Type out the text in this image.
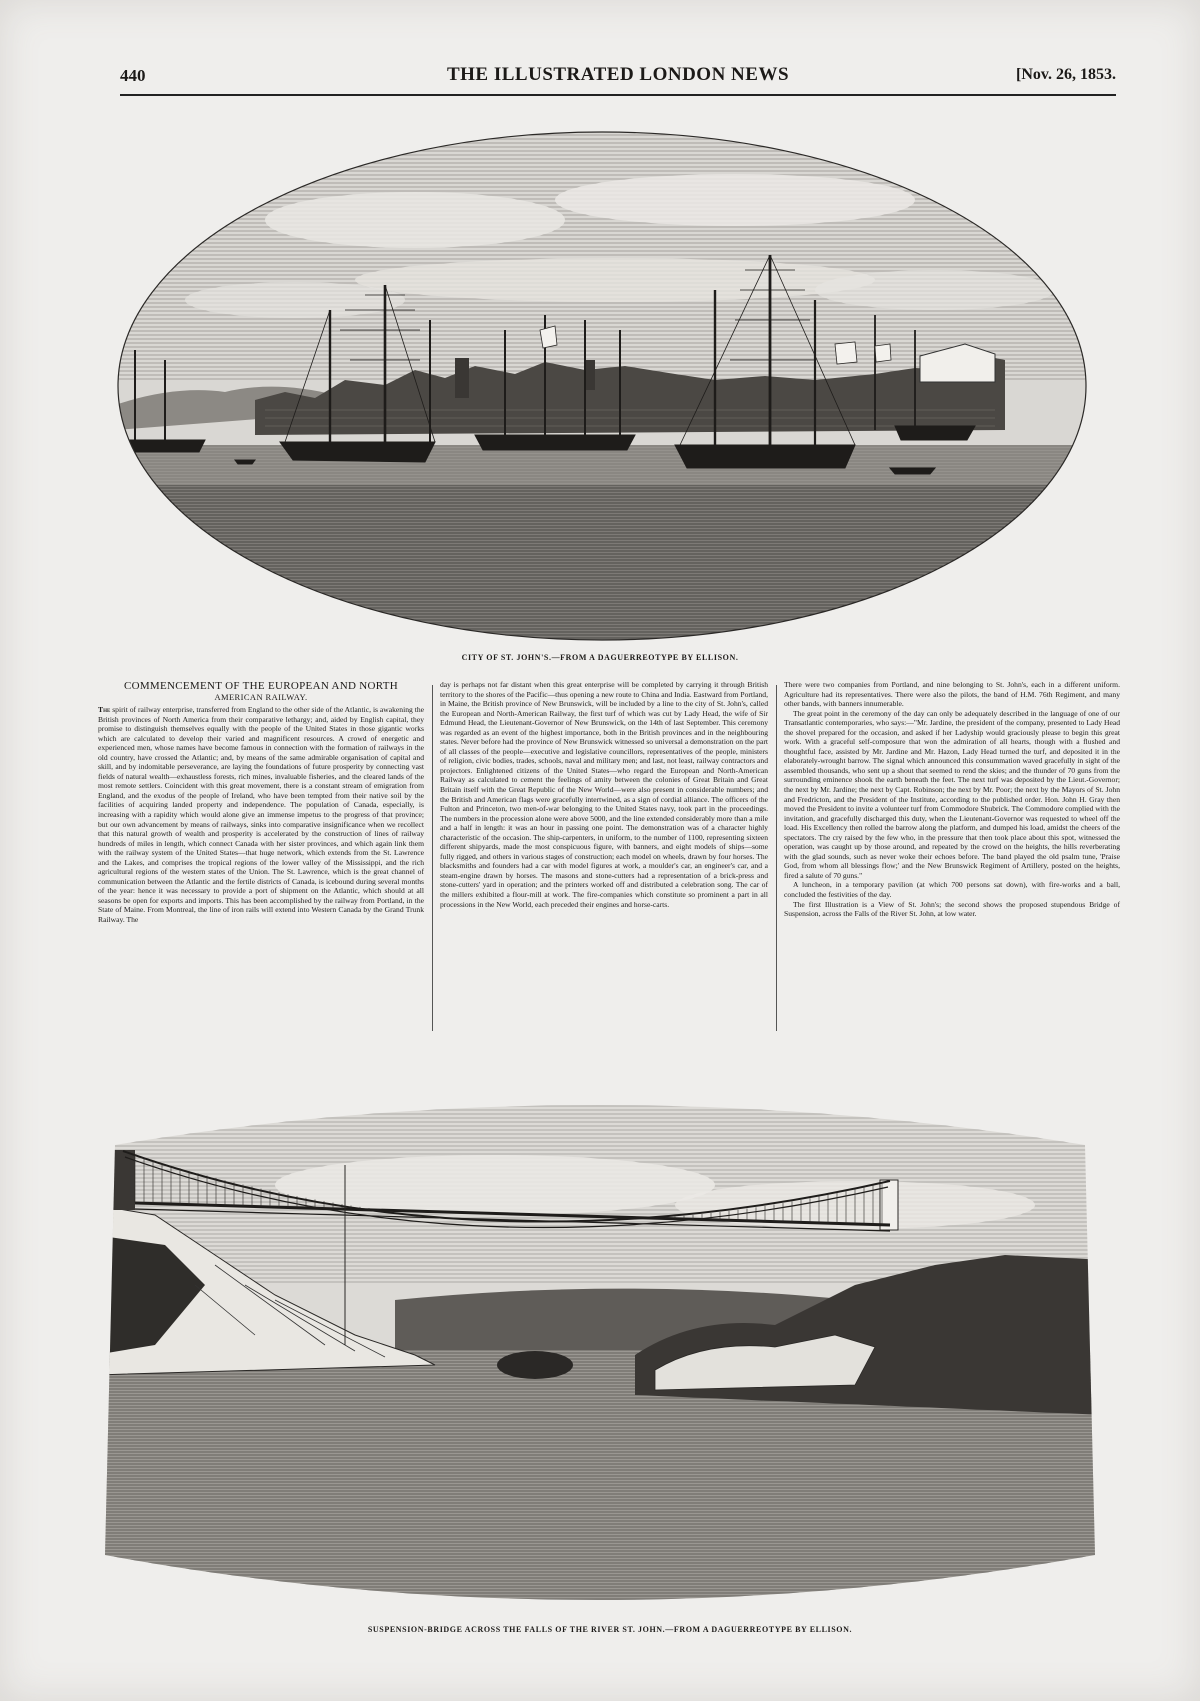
440	THE ILLUSTRATED LONDON NEWS	[Nov. 26, 1853.
CITY OF ST. JOHN'S.—FROM A DAGUERREOTYPE BY ELLISON.
COMMENCEMENT OF THE EUROPEAN AND NORTH
AMERICAN RAILWAY.

The spirit of railway enterprise, transferred from England to the other side of the Atlantic, is awakening the British provinces of North America from their comparative lethargy; and, aided by English capital, they promise to distinguish themselves equally with the people of the United States in those gigantic works which are calculated to develop their varied and magnificent resources. A crowd of energetic and experienced men, whose names have become famous in connection with the formation of railways in the old country, have crossed the Atlantic; and, by means of the same admirable organisation of capital and skill, and by indomitable perseverance, are laying the foundations of future prosperity by connecting vast fields of natural wealth—exhaustless forests, rich mines, invaluable fisheries, and the cleared lands of the most remote settlers. Coincident with this great movement, there is a constant stream of emigration from England, and the exodus of the people of Ireland, who have been tempted from their native soil by the facilities of acquiring landed property and independence. The population of Canada, especially, is increasing with a rapidity which would alone give an immense impetus to the progress of that province; but our own advancement by means of railways, sinks into comparative insignificance when we recollect that this natural growth of wealth and prosperity is accelerated by the construction of lines of railway hundreds of miles in length, which connect Canada with her sister provinces, and which again link them with the railway system of the United States—that huge network, which extends from the St. Lawrence and the Lakes, and comprises the tropical regions of the lower valley of the Mississippi, and the rich agricultural regions of the western states of the Union. The St. Lawrence, which is the great channel of communication between the Atlantic and the fertile districts of Canada, is icebound during several months of the year: hence it was necessary to provide a port of shipment on the Atlantic, which should at all seasons be open for exports and imports. This has been accomplished by the railway from Portland, in the State of Maine. From Montreal, the line of iron rails will extend into Western Canada by the Grand Trunk Railway. The

day is perhaps not far distant when this great enterprise will be completed by carrying it through British territory to the shores of the Pacific—thus opening a new route to China and India. Eastward from Portland, in Maine, the British province of New Brunswick, will be included by a line to the city of St. John's, called the European and North-American Railway, the first turf of which was cut by Lady Head, the wife of Sir Edmund Head, the Lieutenant-Governor of New Brunswick, on the 14th of last September. This ceremony was regarded as an event of the highest importance, both in the British provinces and in the neighbouring states. Never before had the province of New Brunswick witnessed so universal a demonstration on the part of all classes of the people—executive and legislative councillors, representatives of the people, ministers of religion, civic bodies, trades, schools, naval and military men; and last, not least, railway contractors and projectors. Enlightened citizens of the United States—who regard the European and North-American Railway as calculated to cement the feelings of amity between the colonies of Great Britain and Great Britain itself with the Great Republic of the New World—were also present in considerable numbers; and the British and American flags were gracefully intertwined, as a sign of cordial alliance. The officers of the Fulton and Princeton, two men-of-war belonging to the United States navy, took part in the proceedings. The numbers in the procession alone were above 5000, and the line extended considerably more than a mile and a half in length: it was an hour in passing one point. The demonstration was of a character highly characteristic of the occasion. The ship-carpenters, in uniform, to the number of 1100, representing sixteen different shipyards, made the most conspicuous figure, with banners, and eight models of ships—some fully rigged, and others in various stages of construction; each model on wheels, drawn by four horses. The blacksmiths and founders had a car with model figures at work, a moulder's car, an engineer's car, and a steam-engine drawn by horses. The masons and stone-cutters had a representation of a brick-press and stone-cutters' yard in operation; and the printers worked off and distributed a celebration song. The car of the millers exhibited a flour-mill at work. The fire-companies which constitute so prominent a part in all processions in the New World, each preceded their engines and horse-carts.

There were two companies from Portland, and nine belonging to St. John's, each in a different uniform. Agriculture had its representatives. There were also the pilots, the band of H.M. 76th Regiment, and many other bands, with banners innumerable.

The great point in the ceremony of the day can only be adequately described in the language of one of our Transatlantic contemporaries, who says:—"Mr. Jardine, the president of the company, presented to Lady Head the shovel prepared for the occasion, and asked if her Ladyship would graciously please to begin this great work. With a graceful self-composure that won the admiration of all hearts, though with a flushed and thoughtful face, assisted by Mr. Jardine and Mr. Hazon, Lady Head turned the turf, and deposited it in the elaborately-wrought barrow. The signal which announced this consummation waved gracefully in sight of the assembled thousands, who sent up a shout that seemed to rend the skies; and the thunder of 70 guns from the surrounding eminence shook the earth beneath the feet. The next turf was deposited by the Lieut.-Governor; the next by Mr. Jardine; the next by Capt. Robinson; the next by Mr. Poor; the next by the Mayors of St. John and Fredricton, and the President of the Institute, according to the published order. Hon. John H. Gray then moved the President to invite a volunteer turf from Commodore Shubrick. The Commodore complied with the invitation, and gracefully discharged this duty, when the Lieutenant-Governor was requested to wheel off the load. His Excellency then rolled the barrow along the platform, and dumped his load, amidst the cheers of the spectators. The cry raised by the few who, in the pressure that then took place about this spot, witnessed the operation, was caught up by those around, and repeated by the crowd on the heights, the hills reverberating with the glad sounds, such as never woke their echoes before. The band played the old psalm tune, 'Praise God, from whom all blessings flow;' and the New Brunswick Regiment of Artillery, posted on the heights, fired a salute of 70 guns."

A luncheon, in a temporary pavilion (at which 700 persons sat down), with fire-works and a ball, concluded the festivities of the day.

The first Illustration is a View of St. John's; the second shows the proposed stupendous Bridge of Suspension, across the Falls of the River St. John, at low water.

SUSPENSION-BRIDGE ACROSS THE FALLS OF THE RIVER ST. JOHN.—FROM A DAGUERREOTYPE BY ELLISON.
